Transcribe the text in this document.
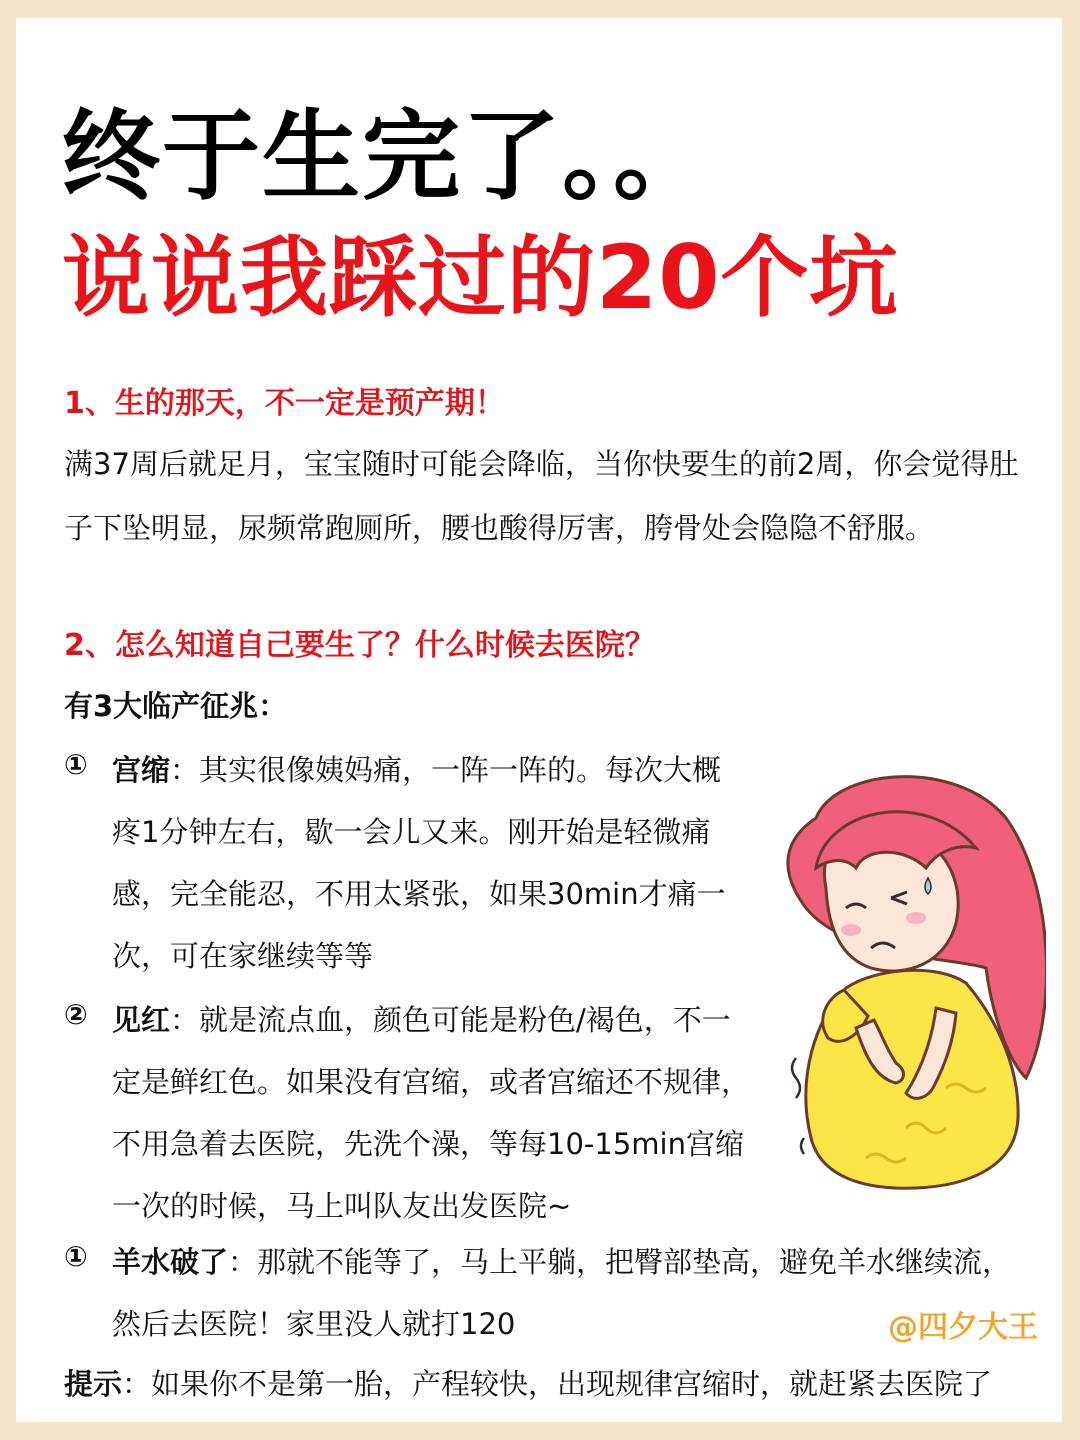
终于生完了。。
说说我踩过的20个坑
1、生的那天，不一定是预产期！
满37周后就足月，宝宝随时可能会降临，当你快要生的前2周，你会觉得肚
子下坠明显，尿频常跑厕所，腰也酸得厉害，胯骨处会隐隐不舒服。
2、怎么知道自己要生了？什么时候去医院？
有3大临产征兆：
① 宫缩：其实很像姨妈痛，一阵一阵的。每次大概
疼1分钟左右，歇一会儿又来。刚开始是轻微痛
感，完全能忍，不用太紧张，如果30min才痛一
次，可在家继续等等
② 见红：就是流点血，颜色可能是粉色/褐色，不一
定是鲜红色。如果没有宫缩，或者宫缩还不规律，
不用急着去医院，先洗个澡，等每10-15min宫缩
一次的时候，马上叫队友出发医院~
① 羊水破了：那就不能等了，马上平躺，把臀部垫高，避免羊水继续流，
然后去医院！家里没人就打120	@四夕大王
提示：如果你不是第一胎，产程较快，出现规律宫缩时，就赶紧去医院了
